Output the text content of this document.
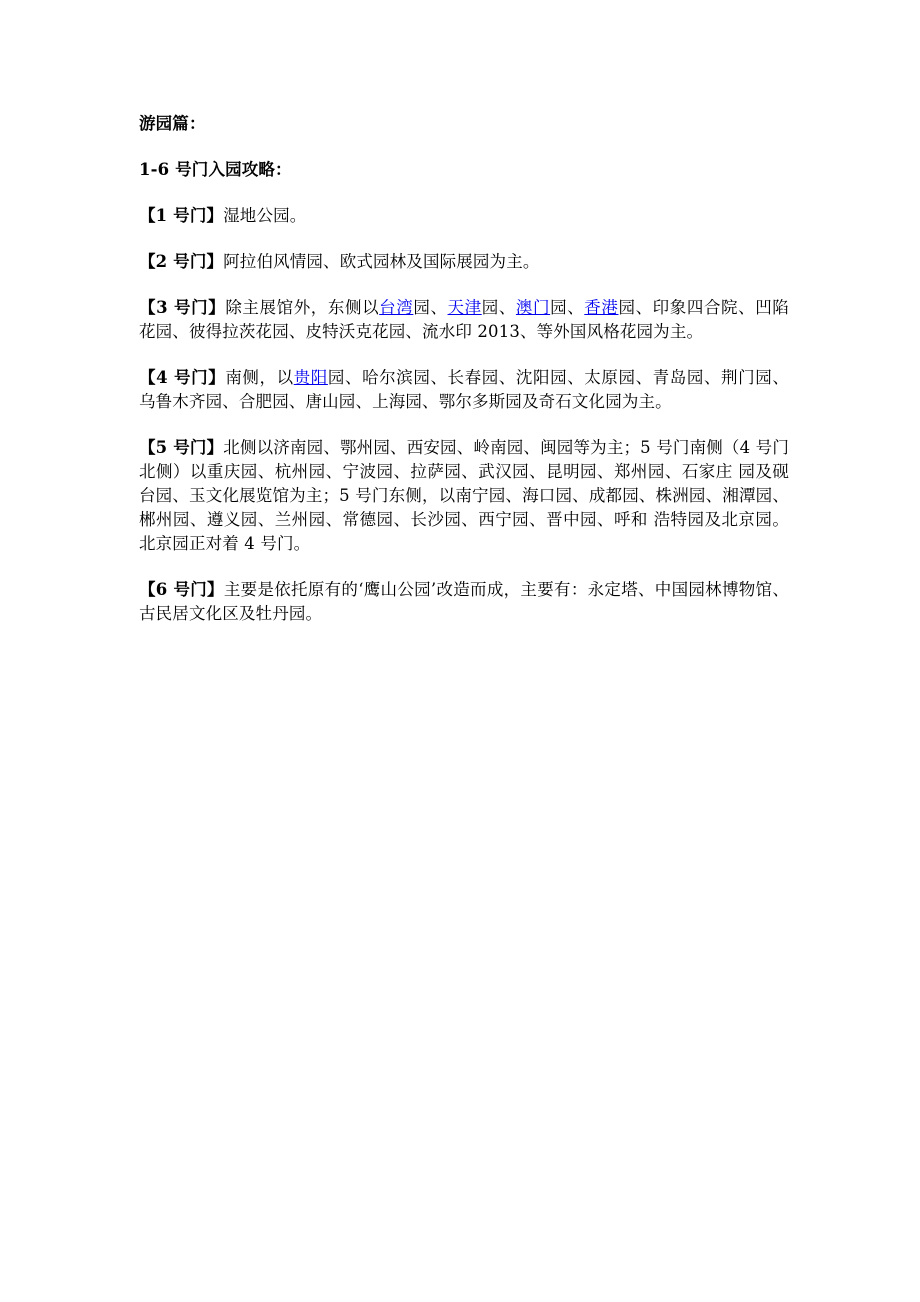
游园篇：

1-6 号门入园攻略：

【1 号门】湿地公园。

【2 号门】阿拉伯风情园、欧式园林及国际展园为主。

【3 号门】除主展馆外，东侧以台湾园、天津园、澳门园、香港园、印象四合院、凹陷花园、彼得拉茨花园、皮特沃克花园、流水印 2013、等外国风格花园为主。

【4 号门】南侧，以贵阳园、哈尔滨园、长春园、沈阳园、太原园、青岛园、荆门园、乌鲁木齐园、合肥园、唐山园、上海园、鄂尔多斯园及奇石文化园为主。

【5 号门】北侧以济南园、鄂州园、西安园、岭南园、闽园等为主；5 号门南侧（4 号门北侧）以重庆园、杭州园、宁波园、拉萨园、武汉园、昆明园、郑州园、石家庄 园及砚台园、玉文化展览馆为主；5 号门东侧，以南宁园、海口园、成都园、株洲园、湘潭园、郴州园、遵义园、兰州园、常德园、长沙园、西宁园、晋中园、呼和 浩特园及北京园。北京园正对着 4 号门。

【6 号门】主要是依托原有的‘鹰山公园’改造而成，主要有：永定塔、中国园林博物馆、古民居文化区及牡丹园。
